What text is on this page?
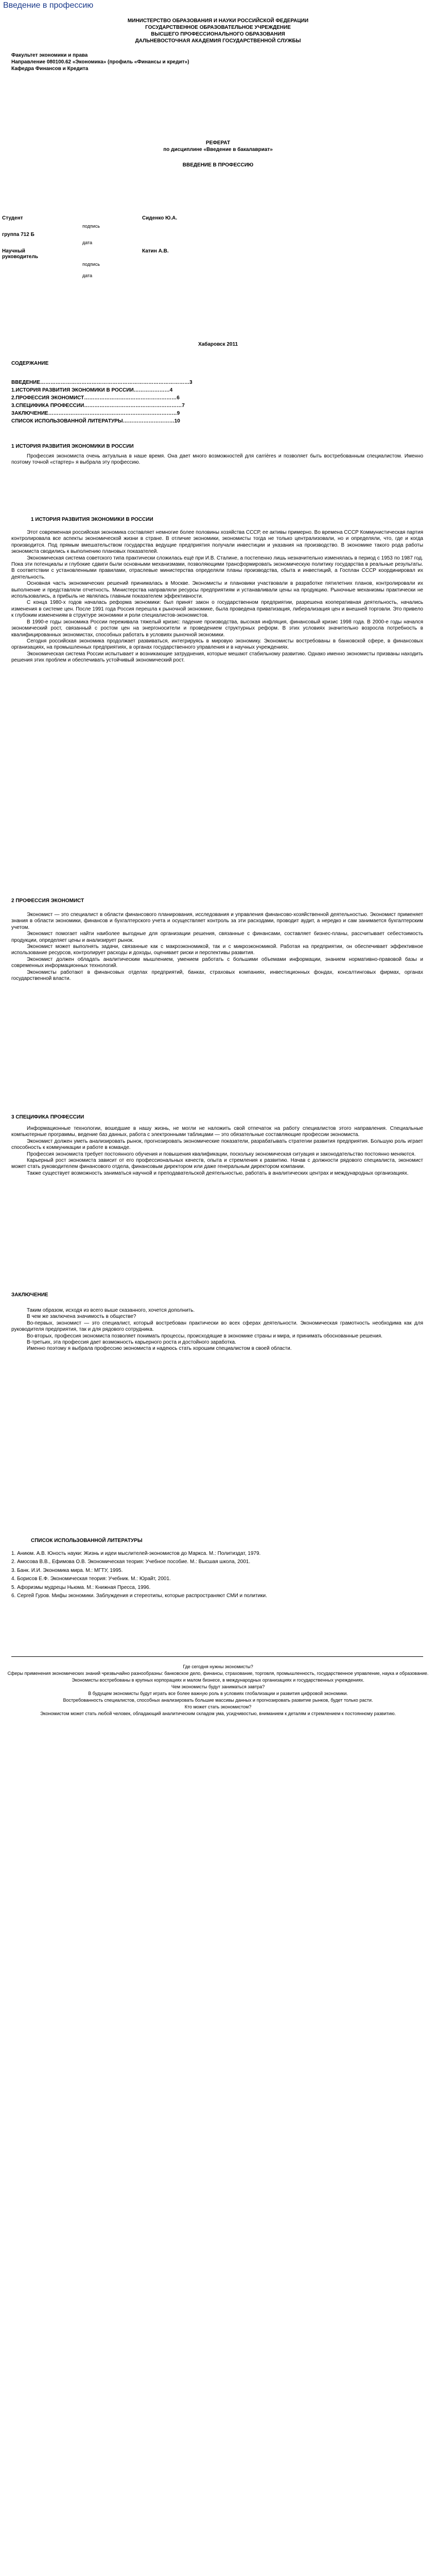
Введение в профессию
МИНИСТЕРСТВО ОБРАЗОВАНИЯ И НАУКИ РОССИЙСКОЙ ФЕДЕРАЦИИ
ГОСУДАРСТВЕННОЕ ОБРАЗОВАТЕЛЬНОЕ УЧРЕЖДЕНИЕ
ВЫСШЕГО ПРОФЕССИОНАЛЬНОГО ОБРАЗОВАНИЯ
ДАЛЬНЕВОСТОЧНАЯ АКАДЕМИЯ ГОСУДАРСТВЕННОЙ СЛУЖБЫ
Факультет экономики и права
Направление 080100.62 «Экономика» (профиль «Финансы и кредит»)
Кафедра Финансов и Кредита
РЕФЕРАТ
по дисциплине «Введение в бакалавриат»
ВВЕДЕНИЕ В ПРОФЕССИЮ
Студент	Сиденко Ю.А.
подпись
группа 712 Б
дата
Научный руководитель
Катин А.В.
подпись
дата
Хабаровск 2011
СОДЕРЖАНИЕ
ВВЕДЕНИЕ……………………………………………………………………………3
1.ИСТОРИЯ РАЗВИТИЯ ЭКОНОМИКИ В РОССИИ…………………4
2.ПРОФЕССИЯ ЭКОНОМИСТ………………………………………………6
3.СПЕЦИФИКА ПРОФЕССИИ…………………………………………………7
ЗАКЛЮЧЕНИЕ…………………………………………………………………9
СПИСОК ИСПОЛЬЗОВАННОЙ ЛИТЕРАТУРЫ…………………………10
1 ИСТОРИЯ РАЗВИТИЯ ЭКОНОМИКИ В РОССИИ

Профессия экономиста очень актуальна в наше время. Она дает много возможностей для carrières и позволяет быть востребованным специалистом. Именно поэтому точной «стартер» я выбрала эту профессию.

1 ИСТОРИЯ РАЗВИТИЯ ЭКОНОМИКИ В РОССИИ

Этот современная российская экономика составляет немногие более половины хозяйства СССР, ее активы примерно. Во времена СССР Коммунистическая партия контролировала все аспекты экономической жизни в стране. В отличие экономики, экономисты тогда не только централизовали, но и определяли, что, где и когда производится. Под прямым вмешательством государства ведущие предприятия получали инвестиции и указания на производство. В экономике такого рода работы экономиста сводились к выполнению плановых показателей.

Экономическая система советского типа практически сложилась ещё при И.В. Сталине, а постепенно лишь незначительно изменялась в период с 1953 по 1987 год. Пока эти потенциалы и глубокие сдвиги были основными механизмами, позволяющими трансформировать экономическую политику государства в реальные результаты. В соответствии с установленными правилами, отраслевые министерства определяли планы производства, сбыта и инвестиций, а Госплан СССР координировал их деятельность.

Основная часть экономических решений принималась в Москве. Экономисты и плановики участвовали в разработке пятилетних планов, контролировали их выполнение и представляли отчетность. Министерства направляли ресурсы предприятиям и устанавливали цены на продукцию. Рыночные механизмы практически не использовались, а прибыль не являлась главным показателем эффективности.

С конца 1980-х годов началась реформа экономики: был принят закон о государственном предприятии, разрешена кооперативная деятельность, начались изменения в системе цен. После 1991 года Россия перешла к рыночной экономике, была проведена приватизация, либерализация цен и внешней торговли. Это привело к глубоким изменениям в структуре экономики и роли специалистов-экономистов.

В 1990-е годы экономика России переживала тяжелый кризис: падение производства, высокая инфляция, финансовый кризис 1998 года. В 2000-е годы начался экономический рост, связанный с ростом цен на энергоносители и проведением структурных реформ. В этих условиях значительно возросла потребность в квалифицированных экономистах, способных работать в условиях рыночной экономики.

Сегодня российская экономика продолжает развиваться, интегрируясь в мировую экономику. Экономисты востребованы в банковской сфере, в финансовых организациях, на промышленных предприятиях, в органах государственного управления и в научных учреждениях.

Экономическая система России испытывает и возникающие затруднения, которые мешают стабильному развитию. Однако именно экономисты призваны находить решения этих проблем и обеспечивать устойчивый экономический рост.

2 ПРОФЕССИЯ ЭКОНОМИСТ

Экономист — это специалист в области финансового планирования, исследования и управления финансово-хозяйственной деятельностью. Экономист применяет знания в области экономики, финансов и бухгалтерского учета и осуществляет контроль за эти расходами, проводит аудит, а нередко и сам занимается бухгалтерским учетом.

Экономист помогает найти наиболее выгодные для организации решения, связанные с финансами, составляет бизнес-планы, рассчитывает себестоимость продукции, определяет цены и анализирует рынок.

Экономист может выполнять задачи, связанные как с макроэкономикой, так и с микроэкономикой. Работая на предприятии, он обеспечивает эффективное использование ресурсов, контролирует расходы и доходы, оценивает риски и перспективы развития.

Экономист должен обладать аналитическим мышлением, умением работать с большими объемами информации, знанием нормативно-правовой базы и современных информационных технологий.

Экономисты работают в финансовых отделах предприятий, банках, страховых компаниях, инвестиционных фондах, консалтинговых фирмах, органах государственной власти.

3 СПЕЦИФИКА ПРОФЕССИИ

Информационные технологии, вошедшие в нашу жизнь, не могли не наложить свой отпечаток на работу специалистов этого направления. Специальные компьютерные программы, ведение баз данных, работа с электронными таблицами — это обязательные составляющие профессии экономиста.

Экономист должен уметь анализировать рынок, прогнозировать экономические показатели, разрабатывать стратегии развития предприятия. Большую роль играет способность к коммуникации и работе в команде.

Профессия экономиста требует постоянного обучения и повышения квалификации, поскольку экономическая ситуация и законодательство постоянно меняются.

Карьерный рост экономиста зависит от его профессиональных качеств, опыта и стремления к развитию. Начав с должности рядового специалиста, экономист может стать руководителем финансового отдела, финансовым директором или даже генеральным директором компании.

Также существует возможность заниматься научной и преподавательской деятельностью, работать в аналитических центрах и международных организациях.

ЗАКЛЮЧЕНИЕ

Таким образом, исходя из всего выше сказанного, хочется дополнить.

В чем же заключена значимость в обществе?

Во-первых, экономист — это специалист, который востребован практически во всех сферах деятельности. Экономическая грамотность необходима как для руководителя предприятия, так и для рядового сотрудника.

Во-вторых, профессия экономиста позволяет понимать процессы, происходящие в экономике страны и мира, и принимать обоснованные решения.

В-третьих, эта профессия дает возможность карьерного роста и достойного заработка.

Именно поэтому я выбрала профессию экономиста и надеюсь стать хорошим специалистом в своей области.

СПИСОК ИСПОЛЬЗОВАННОЙ ЛИТЕРАТУРЫ

1. Аниюм. А.В. Юность науки: Жизнь и идеи мыслителей-экономистов до Маркса. М.: Политиздат, 1979.

2. Амосова В.В., Ефимова О.В. Экономическая теория: Учебное пособие. М.: Высшая школа, 2001.

3. Банк. И.И. Экономика мира. М.: МГТУ, 1995.

4. Борисов Е.Ф. Экономическая теория: Учебник. М.: Юрайт, 2001.

5. Афоризмы мудрецы Ньюма. М.: Книжная Пресса, 1996.

6. Сергей Гуров. Мифы экономики. Заблуждения и стереотипы, которые распространяют СМИ и политики.

Где сегодня нужны экономисты?

Сферы применения экономических знаний чрезвычайно разнообразны: банковское дело, финансы, страхование, торговля, промышленность, государственное управление, наука и образование.

Экономисты востребованы в крупных корпорациях и малом бизнесе, в международных организациях и государственных учреждениях.

Чем экономисты будут заниматься завтра?

В будущем экономисты будут играть все более важную роль в условиях глобализации и развития цифровой экономики.

Востребованность специалистов, способных анализировать большие массивы данных и прогнозировать развитие рынков, будет только расти.

Кто может стать экономистом?

Экономистом может стать любой человек, обладающий аналитическим складом ума, усидчивостью, вниманием к деталям и стремлением к постоянному развитию.
